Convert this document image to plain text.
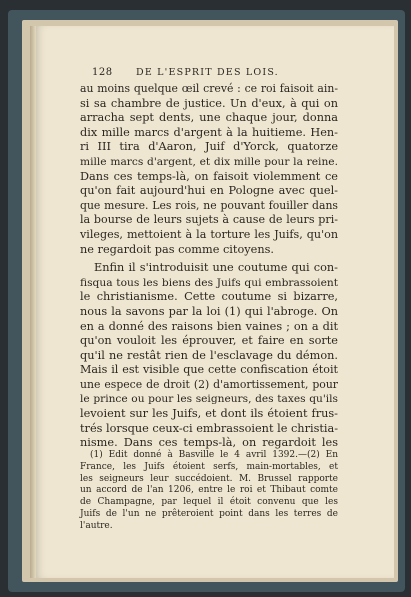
128 DE L'ESPRIT DES LOIS.
au moins quelque œil crevé : ce roi faisoit ain-
si sa chambre de justice. Un d'eux, à qui on
arracha sept dents, une chaque jour, donna
dix mille marcs d'argent à la huitieme. Hen-
ri III tira d'Aaron, Juif d'Yorck, quatorze
mille marcs d'argent, et dix mille pour la reine.
Dans ces temps-là, on faisoit violemment ce
qu'on fait aujourd'hui en Pologne avec quel-
que mesure. Les rois, ne pouvant fouiller dans
la bourse de leurs sujets à cause de leurs pri-
vileges, mettoient à la torture les Juifs, qu'on
ne regardoit pas comme citoyens.
Enfin il s'introduisit une coutume qui con-
fisqua tous les biens des Juifs qui embrassoient
le christianisme. Cette coutume si bizarre,
nous la savons par la loi (1) qui l'abroge. On
en a donné des raisons bien vaines ; on a dit
qu'on vouloit les éprouver, et faire en sorte
qu'il ne restât rien de l'esclavage du démon.
Mais il est visible que cette confiscation étoit
une espece de droit (2) d'amortissement, pour
le prince ou pour les seigneurs, des taxes qu'ils
levoient sur les Juifs, et dont ils étoient frus-
trés lorsque ceux-ci embrassoient le christia-
nisme. Dans ces temps-là, on regardoit les
(1) Edit donné à Basville le 4 avril 1392.—(2) En
France, les Juifs étoient serfs, main-mortables, et
les seigneurs leur succédoient. M. Brussel rapporte
un accord de l'an 1206, entre le roi et Thibaut comte
de Champagne, par lequel il étoit convenu que les
Juifs de l'un ne prêteroient point dans les terres de
l'autre.
